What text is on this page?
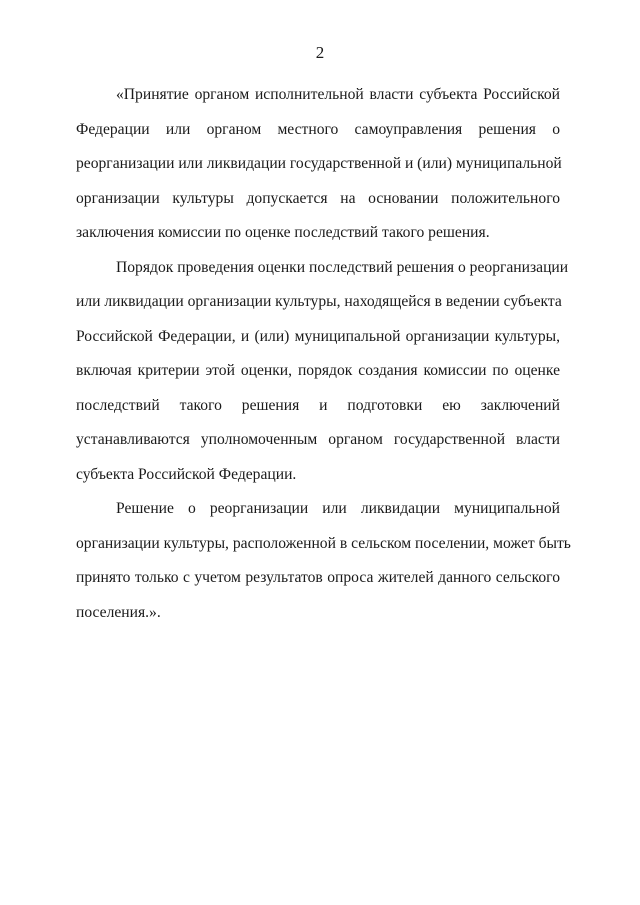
2

«Принятие органом исполнительной власти субъекта Российской
Федерации или органом местного самоуправления решения о
реорганизации или ликвидации государственной и (или) муниципальной
организации культуры допускается на основании положительного
заключения комиссии по оценке последствий такого решения.

Порядок проведения оценки последствий решения о реорганизации
или ликвидации организации культуры, находящейся в ведении субъекта
Российской Федерации, и (или) муниципальной организации культуры,
включая критерии этой оценки, порядок создания комиссии по оценке
последствий такого решения и подготовки ею заключений
устанавливаются уполномоченным органом государственной власти
субъекта Российской Федерации.

Решение о реорганизации или ликвидации муниципальной
организации культуры, расположенной в сельском поселении, может быть
принято только с учетом результатов опроса жителей данного сельского
поселения.».
